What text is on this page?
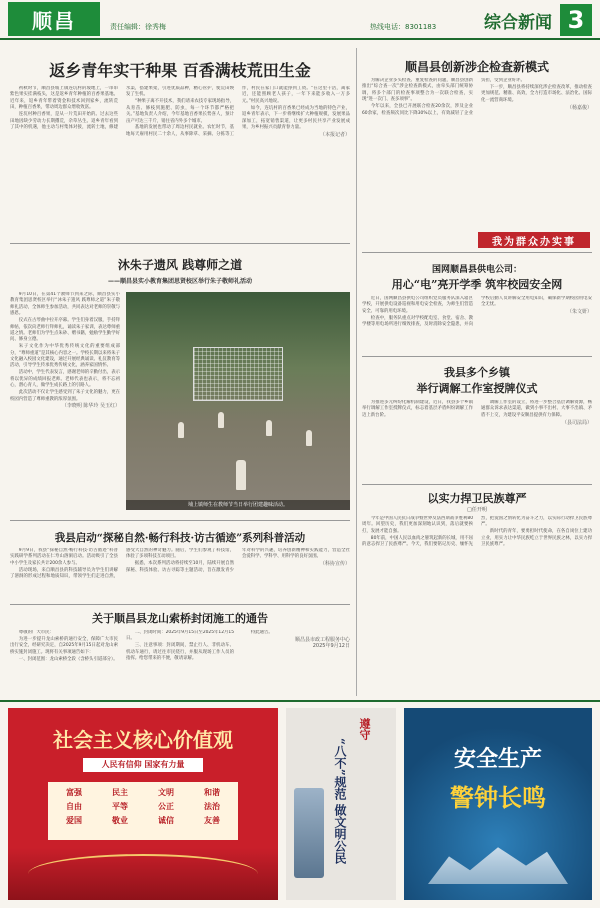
顺昌	责任编辑：徐秀梅	热线电话：8301183	综合新闻 3
返乡青年实干种果 百香满枝荒田生金

初秋时节，顺昌县埔上镇连坑村的坡地上，一串串紫色果实挂满枝头，这是返乡青年种植的百香果基地。近年来，返乡青年带着资金和技术回到家乡，流转荒田，种植百香果，带动周边群众增收致富。

连坑村种百香果，是从一片荒田开始的。过去这些田地因缺少劳动力长期撂荒，杂草丛生。返乡青年看到了其中的机遇，他主动与村集体对接，流转土地，修建水渠，搭建果架，引进优质品种，精心管护，使荒田焕发了生机。

“种果子离不开技术，我们请来农技专家现场指导，从育苗、修枝到施肥、防虫，每一个环节都严格把关。”基地负责人介绍，今年基地百香果长势喜人，预计亩产可达三千斤，销往省内外多个城市。

基地的发展也带动了周边村民就业。农忙时节，基地每天雇用村民二十余人，从事除草、采摘、分拣等工作，村民在家门口就能挣到工资。“在这里干活，离家近，还能照顾老人孩子，一年下来能多收入一万多元。”村民高兴地说。

如今，连坑村的百香果已经成为当地的特色产业，返乡青年表示，下一步将继续扩大种植规模，发展果品深加工，拓宽销售渠道，让更多村民共享产业发展成果，为乡村振兴贡献青春力量。

（本报记者）
沐朱子遗风 践尊师之道
——顺昌县实小教育集团思贤校区举行朱子敬师礼活动

9月10日，在第41个教师节到来之际，顺昌县实小教育集团思贤校区举行“沐朱子遗风 践尊师之道”朱子敬师礼活动，全体师生参加活动，共同表达对老师的崇敬与感恩。

仪式在古琴曲中拉开序幕。学生们身着汉服，手持拜师帖，依次向老师行拜师礼，诵读朱子家训，表达尊师重道之情。老师们为学生点朱砂、赠书籍，勉励学生勤学好问、修身立德。

朱子文化作为中华优秀传统文化的重要组成部分，“尊师重道”是其核心内容之一。学校长期以来将朱子文化融入校园文化建设，通过开展经典诵读、礼仪教育等活动，引导学生传承优秀传统文化，涵养家国情怀。

活动中，学生代表发言，感谢老师的辛勤付出，表示将以优异的成绩回报老师。老师代表也表示，将不忘初心，潜心育人，做学生成长路上的引路人。

此次活动不仅让学生感受到了朱子文化的魅力，更在校园内营造了尊师重教的浓厚氛围。

（李晓明 陈华玲 吴玉红）
埔上镇师生在教师节当日举行团建趣味活动。
我县启动“探秘自然·畅行科技·访古循迹”系列科普活动

9月9日，我县“探秘自然·畅行科技·访古循迹”科普实践研学系列活动在仁寿山溶洞启动。活动吸引了全县中小学生及家长共计200余人参与。

活动现场，来自顺昌县的科技辅导员为学生们讲解了溶洞的形成过程和地质知识，带领学生们走进自然，感受大自然的神奇魅力。随后，学生们参观了科技馆，体验了多项科技互动项目。

据悉，本次系列活动将持续至10月，陆续开展自然探秘、科技体验、访古寻踪等主题活动，旨在激发青少年对科学的兴趣，培养创新精神和实践能力，营造全社会爱科学、学科学、用科学的良好氛围。

（科协宣传）
关于顺昌县龙山索桥封闭施工的通告

尊敬的广大市民：

为进一步提升龙山索桥的通行安全，保障广大市民出行安全，经研究决定，自2025年9月15日起对龙山索桥实施封闭施工。现将有关事项通告如下：

一、封闭范围：龙山索桥全段（含桥头引道部分）。

二、封闭时间：2025年9月15日至2025年12月15日。

三、注意事项：封闭期间，禁止行人、非机动车、机动车通行，请过往市民绕行，并服从现场工作人员的指挥。给您带来的不便，敬请谅解。

特此通告。

顺昌县市政工程服务中心
2025年9月12日
顺昌县创新涉企检查新模式

为解决企业多头检查、重复检查的问题，顺昌县创新推出“综合查一次”涉企检查新模式，由牵头部门统筹协调，将多个部门的检查事项整合为一次联合检查，实现“进一次门、查多项事”。

今年以来，全县已开展联合检查20余次，涉及企业60余家，检查频次同比下降30%以上，有效减轻了企业负担，受到企业好评。

下一步，顺昌县将持续深化涉企检查改革，推动检查更加规范、精准、高效，全力打造市场化、法治化、国际化一流营商环境。

（杨嘉俊）
我为群众办实事
国网顺昌县供电公司：
用心“电”亮开学季 筑牢校园安全网

近日，国网顺昌县供电公司组织党员服务队深入辖区学校，开展供电设备巡视和用电安全检查，为师生们营造安全、可靠的用电环境。

检查中，服务队重点对学校配电室、食堂、宿舍、教学楼等用电场所进行细致排查，及时消除安全隐患，并向学校后勤人员讲解安全用电知识，确保新学期校园用电安全无忧。

（朱文妍）
我县多个乡镇
举行调解工作室授牌仪式

为推进多元纠纷化解机制建设，近日，我县多个乡镇举行调解工作室授牌仪式，标志着基层矛盾纠纷调解工作迈上新台阶。

调解工作室的设立，将进一步整合基层调解资源，畅通群众诉求表达渠道，做到小事不出村、大事不出镇、矛盾不上交，为建设平安顺昌提供有力保障。

（县司法局）
以实力捍卫民族尊严
□任开明

今年是中国人民抗日战争暨世界反法西斯战争胜利80周年。回望历史，我们更加深刻地认识到，落后就要挨打，发展才能自强。

80年前，中国人民以血肉之躯筑起新的长城，用不屈的意志捍卫了民族尊严。今天，我们要铭记历史、缅怀先烈，把爱国之情转化为奋斗之力，以实际行动捍卫民族尊严。

新时代的青年，要勇担时代使命，在各自岗位上建功立业，用实力让中华民族屹立于世界民族之林，以实力捍卫民族尊严。

社会主义核心价值观
人民有信仰 国家有力量
富强	民主	文明	和谐
自由	平等	公正	法治
爱国	敬业	诚信	友善
遵守
“八不”规范 做文明公民	安全生产
警钟长鸣
